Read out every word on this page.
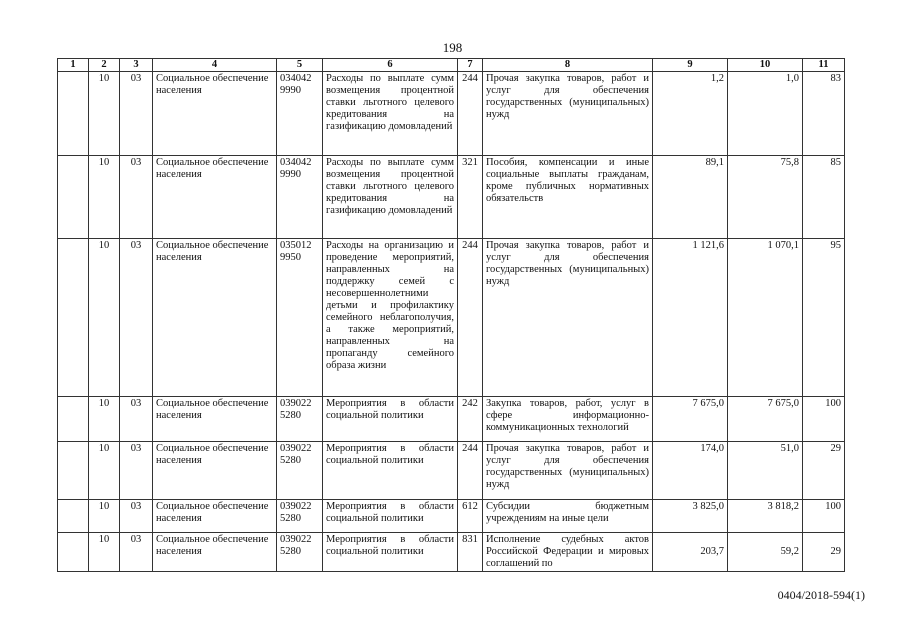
198
1	2	3	4	5	6	7	8	9	10	11
	10	03	Социальное обеспечение населения	034042 9990	Расходы по выплате сумм возмещения процентной ставки льготного целевого кредитования на газификацию домовладений	244	Прочая закупка товаров, работ и услуг для обеспечения государственных (муниципальных) нужд	1,2	1,0	83
	10	03	Социальное обеспечение населения	034042 9990	Расходы по выплате сумм возмещения процентной ставки льготного целевого кредитования на газификацию домовладений	321	Пособия, компенсации и иные социальные выплаты гражданам, кроме публичных нормативных обязательств	89,1	75,8	85
	10	03	Социальное обеспечение населения	035012 9950	Расходы на организацию и проведение мероприятий, направленных на поддержку семей с несовершеннолетними детьми и профилактику семейного неблагополучия, а также мероприятий, направленных на пропаганду семейного образа жизни	244	Прочая закупка товаров, работ и услуг для обеспечения государственных (муниципальных) нужд	1 121,6	1 070,1	95
	10	03	Социальное обеспечение населения	039022 5280	Мероприятия в области социальной политики	242	Закупка товаров, работ, услуг в сфере информационно-коммуникационных технологий	7 675,0	7 675,0	100
	10	03	Социальное обеспечение населения	039022 5280	Мероприятия в области социальной политики	244	Прочая закупка товаров, работ и услуг для обеспечения государственных (муниципальных) нужд	174,0	51,0	29
	10	03	Социальное обеспечение населения	039022 5280	Мероприятия в области социальной политики	612	Субсидии бюджетным учреждениям на иные цели	3 825,0	3 818,2	100
	10	03	Социальное обеспечение населения	039022 5280	Мероприятия в области социальной политики	831	Исполнение судебных актов Российской Федерации и мировых соглашений по	203,7	59,2	29
0404/2018-594(1)
